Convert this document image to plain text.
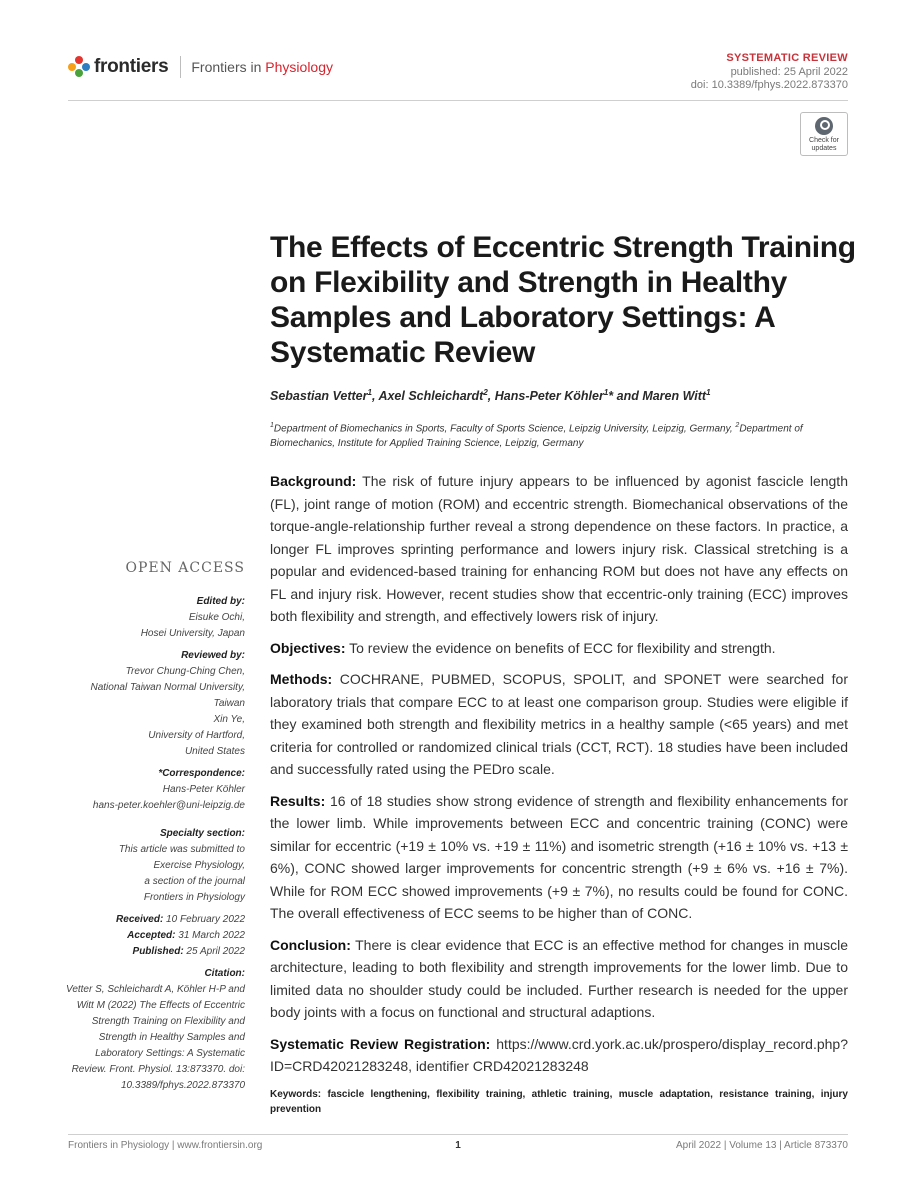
frontiers Frontiers in Physiology
SYSTEMATIC REVIEW
published: 25 April 2022
doi: 10.3389/fphys.2022.873370
Check for
updates
The Effects of Eccentric Strength Training on Flexibility and Strength in Healthy Samples and Laboratory Settings: A Systematic Review
Sebastian Vetter$^1$, Axel Schleichardt$^2$, Hans-Peter Köhler$^1$* and Maren Witt$^1$
$^1$Department of Biomechanics in Sports, Faculty of Sports Science, Leipzig University, Leipzig, Germany, $^2$Department of Biomechanics, Institute for Applied Training Science, Leipzig, Germany

Background: The risk of future injury appears to be influenced by agonist fascicle length (FL), joint range of motion (ROM) and eccentric strength. Biomechanical observations of the torque-angle-relationship further reveal a strong dependence on these factors. In practice, a longer FL improves sprinting performance and lowers injury risk. Classical stretching is a popular and evidenced-based training for enhancing ROM but does not have any effects on FL and injury risk. However, recent studies show that eccentric-only training (ECC) improves both flexibility and strength, and effectively lowers risk of injury.

Objectives: To review the evidence on benefits of ECC for flexibility and strength.

Methods: COCHRANE, PUBMED, SCOPUS, SPOLIT, and SPONET were searched for laboratory trials that compare ECC to at least one comparison group. Studies were eligible if they examined both strength and flexibility metrics in a healthy sample (<65 years) and met criteria for controlled or randomized clinical trials (CCT, RCT). 18 studies have been included and successfully rated using the PEDro scale.

Results: 16 of 18 studies show strong evidence of strength and flexibility enhancements for the lower limb. While improvements between ECC and concentric training (CONC) were similar for eccentric (+19 ± 10% vs. +19 ± 11%) and isometric strength (+16 ± 10% vs. +13 ± 6%), CONC showed larger improvements for concentric strength (+9 ± 6% vs. +16 ± 7%). While for ROM ECC showed improvements (+9 ± 7%), no results could be found for CONC. The overall effectiveness of ECC seems to be higher than of CONC.

Conclusion: There is clear evidence that ECC is an effective method for changes in muscle architecture, leading to both flexibility and strength improvements for the lower limb. Due to limited data no shoulder study could be included. Further research is needed for the upper body joints with a focus on functional and structural adaptions.

Systematic Review Registration: https://www.crd.york.ac.uk/prospero/display_record.php?ID=CRD42021283248, identifier CRD42021283248

Keywords: fascicle lengthening, flexibility training, athletic training, muscle adaptation, resistance training, injury prevention

OPEN ACCESS
Edited by:
Eisuke Ochi,
Hosei University, Japan
Reviewed by:
Trevor Chung-Ching Chen,
National Taiwan Normal University,
Taiwan
Xin Ye,
University of Hartford,
United States
*Correspondence:
Hans-Peter Köhler
hans-peter.koehler@uni-leipzig.de
Specialty section:
This article was submitted to
Exercise Physiology,
a section of the journal
Frontiers in Physiology
Received: 10 February 2022
Accepted: 31 March 2022
Published: 25 April 2022
Citation:
Vetter S, Schleichardt A, Köhler H-P and Witt M (2022) The Effects of Eccentric Strength Training on Flexibility and Strength in Healthy Samples and Laboratory Settings: A Systematic Review. Front. Physiol. 13:873370. doi: 10.3389/fphys.2022.873370
Frontiers in Physiology | www.frontiersin.org	1	April 2022 | Volume 13 | Article 873370
